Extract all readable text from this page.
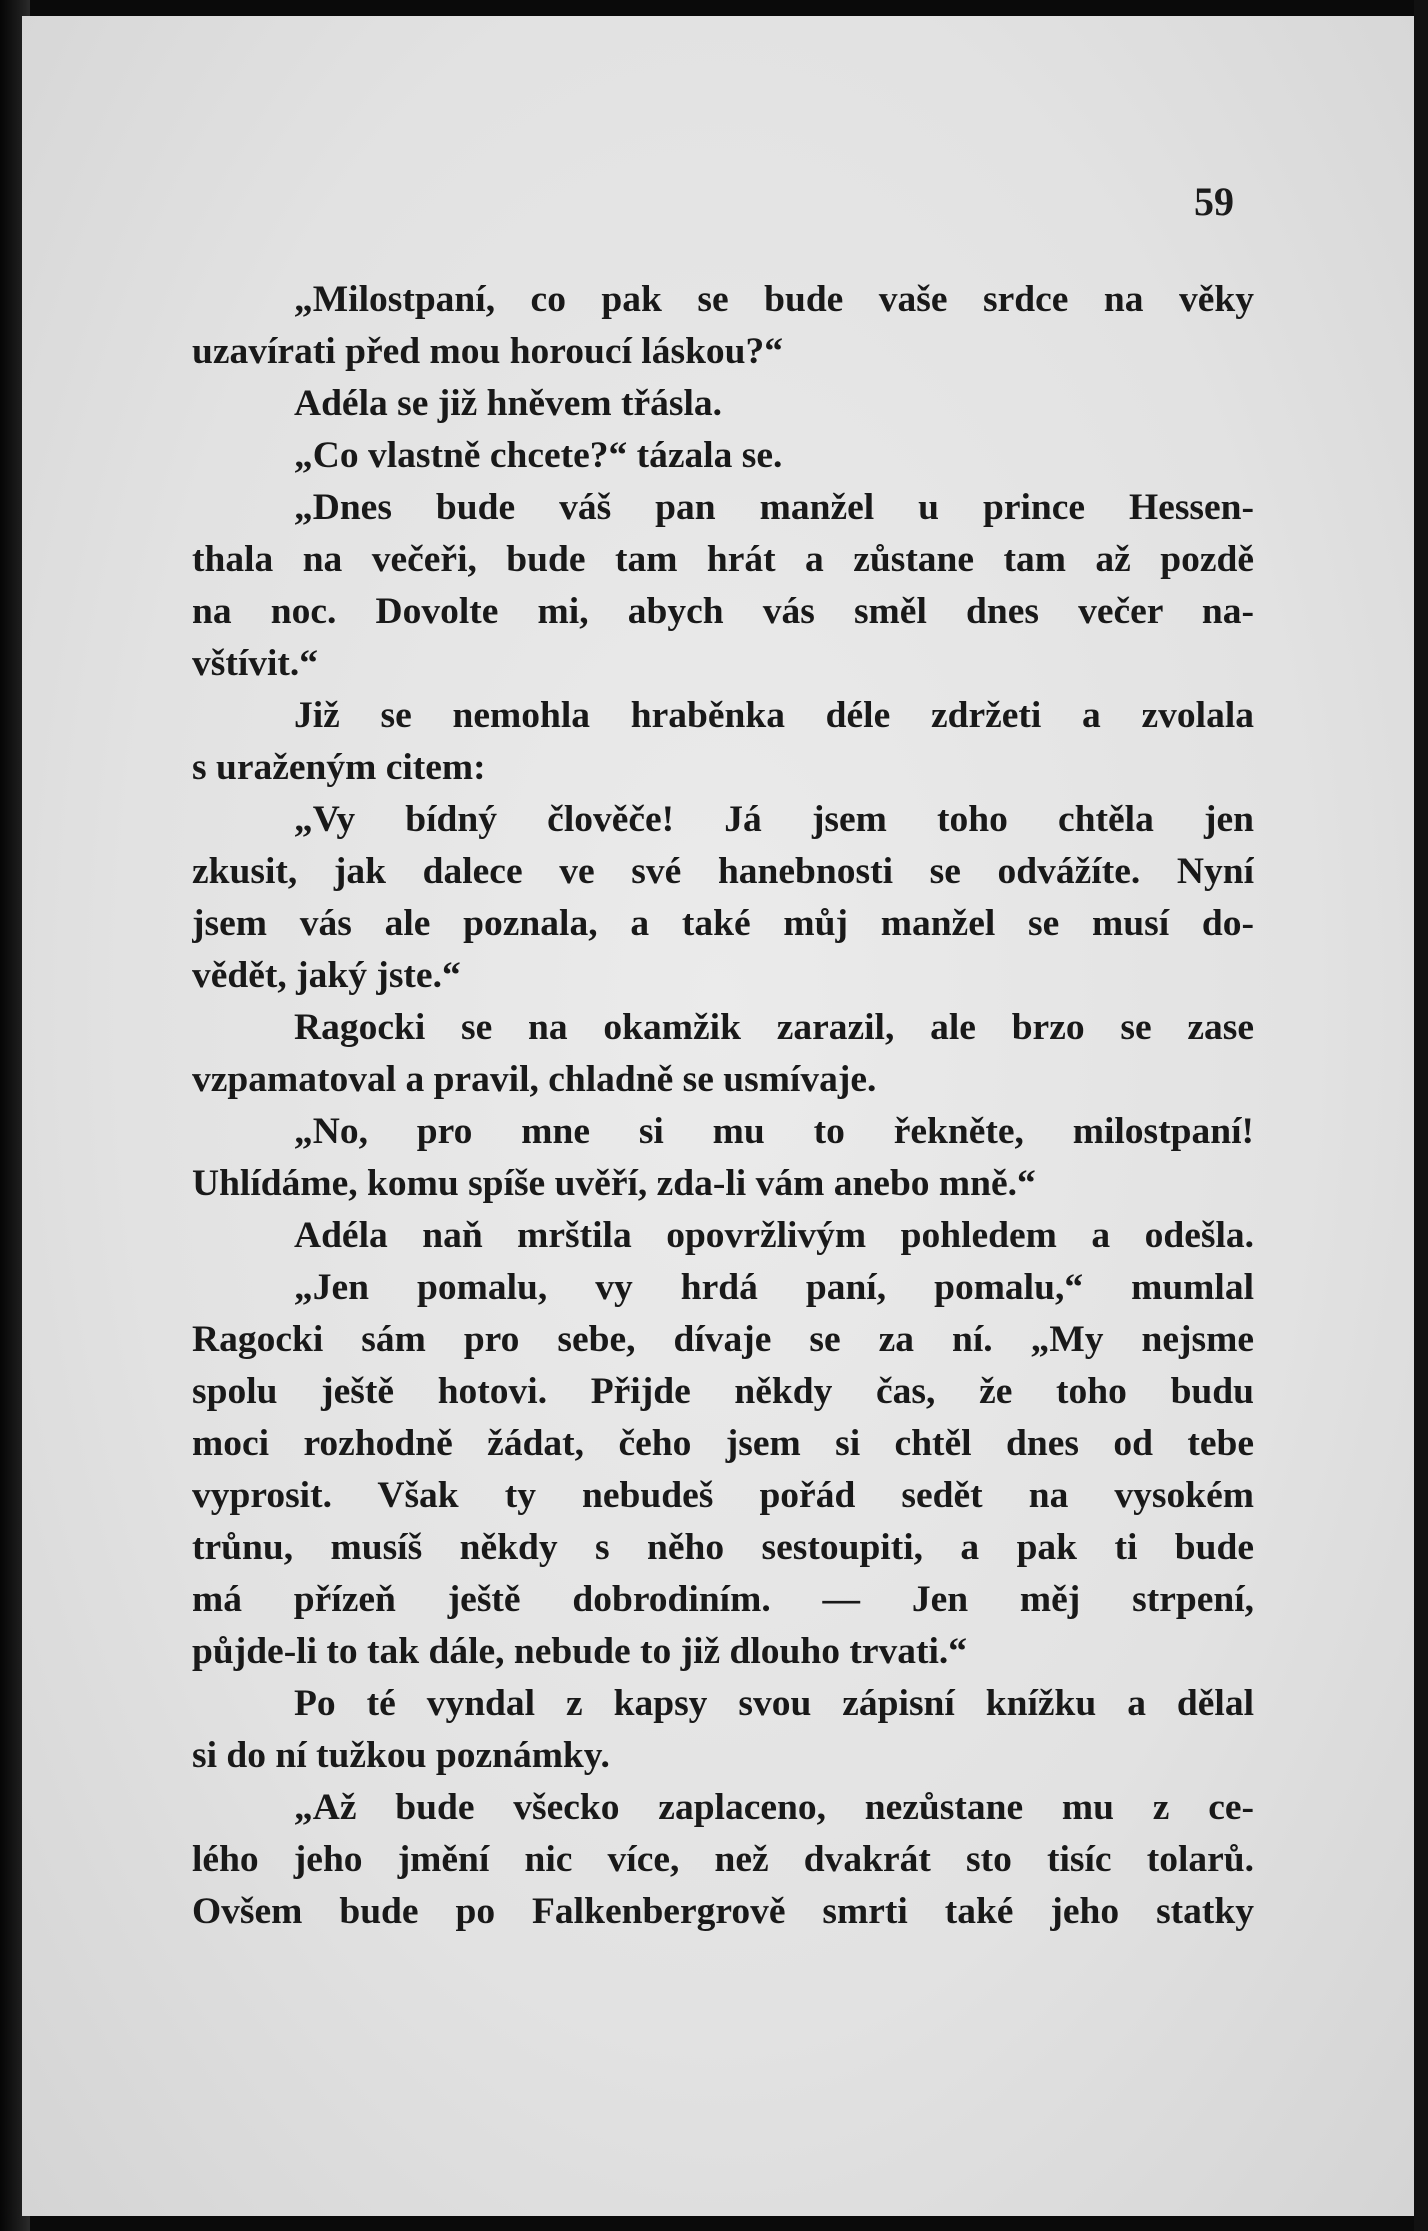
59
„Milostpaní, co pak se bude vaše srdce na věky
uzavírati před mou horoucí láskou?“
Adéla se již hněvem třásla.
„Co vlastně chcete?“ tázala se.
„Dnes bude váš pan manžel u prince Hessen-
thala na večeři, bude tam hrát a zůstane tam až pozdě
na noc. Dovolte mi, abych vás směl dnes večer na-
vštívit.“
Již se nemohla hraběnka déle zdržeti a zvolala
s uraženým citem:
„Vy bídný člověče! Já jsem toho chtěla jen
zkusit, jak dalece ve své hanebnosti se odvážíte. Nyní
jsem vás ale poznala, a také můj manžel se musí do-
vědět, jaký jste.“
Ragocki se na okamžik zarazil, ale brzo se zase
vzpamatoval a pravil, chladně se usmívaje.
„No, pro mne si mu to řekněte, milostpaní!
Uhlídáme, komu spíše uvěří, zda-li vám anebo mně.“
Adéla naň mrštila opovržlivým pohledem a odešla.
„Jen pomalu, vy hrdá paní, pomalu,“ mumlal
Ragocki sám pro sebe, dívaje se za ní. „My nejsme
spolu ještě hotovi. Přijde někdy čas, že toho budu
moci rozhodně žádat, čeho jsem si chtěl dnes od tebe
vyprosit. Však ty nebudeš pořád sedět na vysokém
trůnu, musíš někdy s něho sestoupiti, a pak ti bude
má přízeň ještě dobrodiním. — Jen měj strpení,
půjde-li to tak dále, nebude to již dlouho trvati.“
Po té vyndal z kapsy svou zápisní knížku a dělal
si do ní tužkou poznámky.
„Až bude všecko zaplaceno, nezůstane mu z ce-
lého jeho jmění nic více, než dvakrát sto tisíc tolarů.
Ovšem bude po Falkenbergrově smrti také jeho statky
